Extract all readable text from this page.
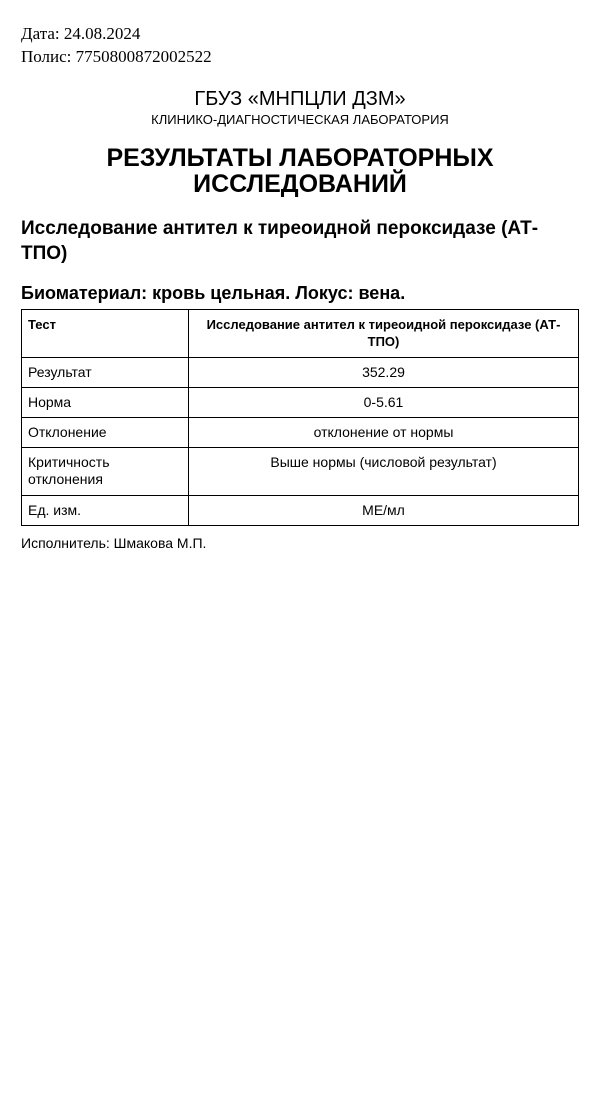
Дата: 24.08.2024
Полис: 7750800872002522
ГБУЗ «МНПЦЛИ ДЗМ»
КЛИНИКО-ДИАГНОСТИЧЕСКАЯ ЛАБОРАТОРИЯ
РЕЗУЛЬТАТЫ ЛАБОРАТОРНЫХ ИССЛЕДОВАНИЙ
Исследование антител к тиреоидной пероксидазе (АТ-ТПО)
Биоматериал: кровь цельная. Локус: вена.
Тест	Исследование антител к тиреоидной пероксидазе (АТ-ТПО)
Результат	352.29
Норма	0-5.61
Отклонение	отклонение от нормы
Критичность отклонения	Выше нормы (числовой результат)
Ед. изм.	МЕ/мл
Исполнитель: Шмакова М.П.
